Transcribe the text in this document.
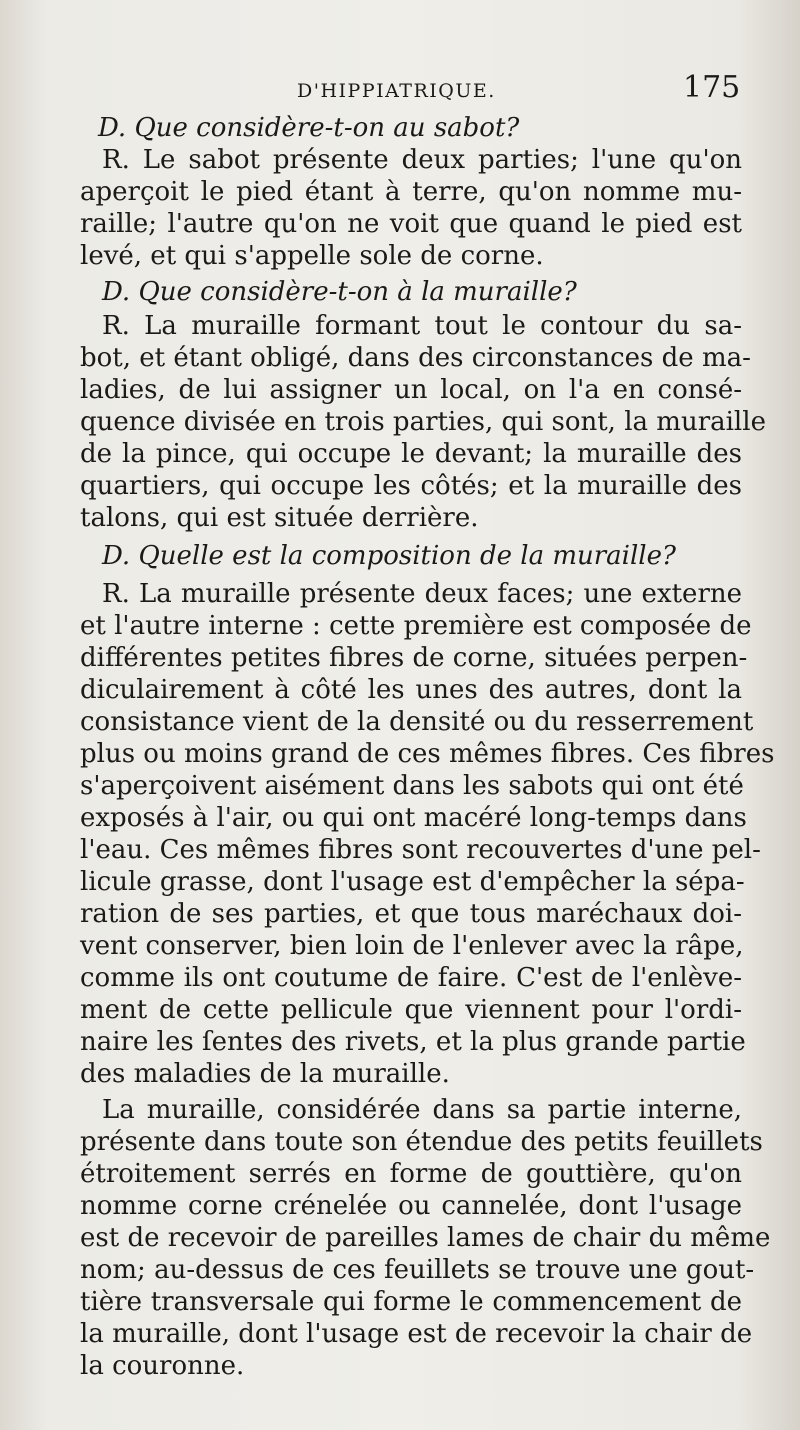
D'HIPPIATRIQUE.	175
D. Que considère-t-on au sabot?
R. Le sabot présente deux parties; l'une qu'on
aperçoit le pied étant à terre, qu'on nomme mu-
raille; l'autre qu'on ne voit que quand le pied est
levé, et qui s'appelle sole de corne.
D. Que considère-t-on à la muraille?
R. La muraille formant tout le contour du sa-
bot, et étant obligé, dans des circonstances de ma-
ladies, de lui assigner un local, on l'a en consé-
quence divisée en trois parties, qui sont, la muraille
de la pince, qui occupe le devant; la muraille des
quartiers, qui occupe les côtés; et la muraille des
talons, qui est située derrière.
D. Quelle est la composition de la muraille?
R. La muraille présente deux faces; une externe
et l'autre interne : cette première est composée de
différentes petites fibres de corne, situées perpen-
diculairement à côté les unes des autres, dont la
consistance vient de la densité ou du resserrement
plus ou moins grand de ces mêmes fibres. Ces fibres
s'aperçoivent aisément dans les sabots qui ont été
exposés à l'air, ou qui ont macéré long-temps dans
l'eau. Ces mêmes fibres sont recouvertes d'une pel-
licule grasse, dont l'usage est d'empêcher la sépa-
ration de ses parties, et que tous maréchaux doi-
vent conserver, bien loin de l'enlever avec la râpe,
comme ils ont coutume de faire. C'est de l'enlève-
ment de cette pellicule que viennent pour l'ordi-
naire les ſentes des rivets, et la plus grande partie
des maladies de la muraille.
La muraille, considérée dans sa partie interne,
présente dans toute son étendue des petits feuillets
étroitement serrés en forme de gouttière, qu'on
nomme corne crénelée ou cannelée, dont l'usage
est de recevoir de pareilles lames de chair du même
nom; au-dessus de ces feuillets se trouve une gout-
tière transversale qui forme le commencement de
la muraille, dont l'usage est de recevoir la chair de
la couronne.
